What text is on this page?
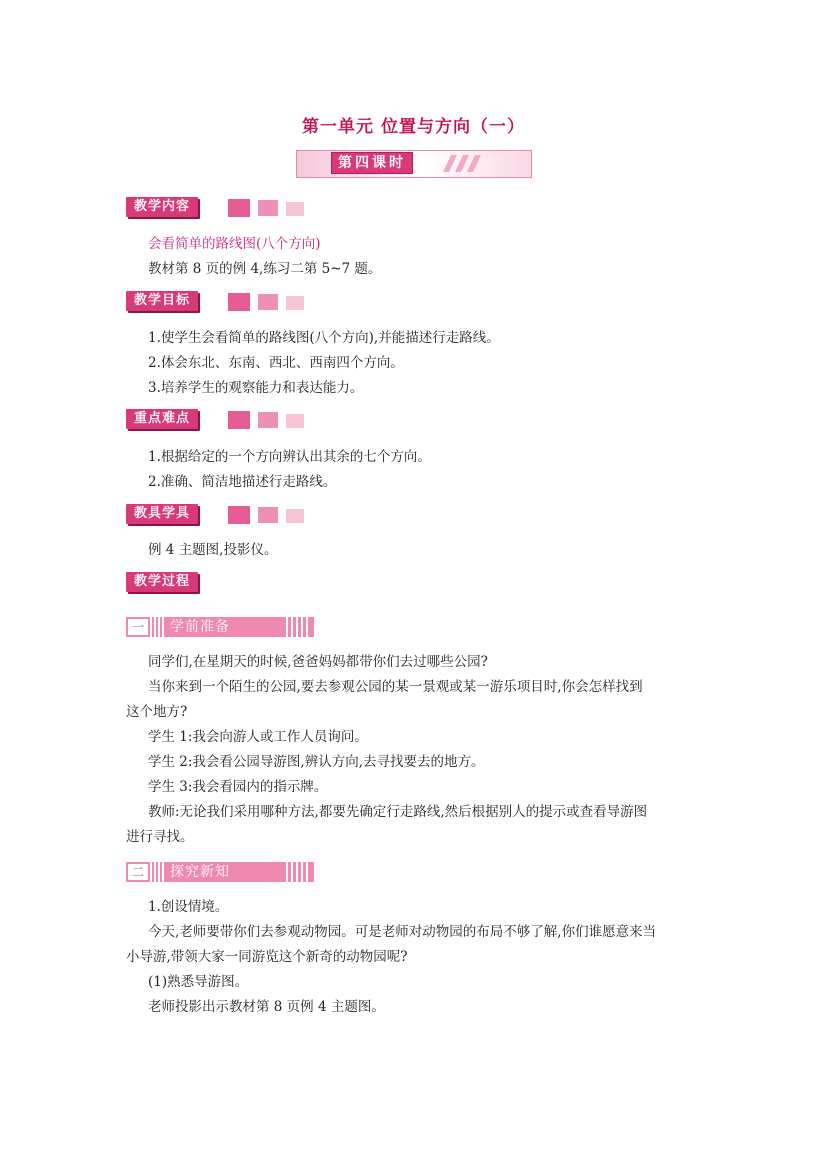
第一单元 位置与方向（一）
第四课时
教学内容
会看简单的路线图(八个方向)
教材第 8 页的例 4,练习二第 5~7 题。
教学目标
1.使学生会看简单的路线图(八个方向),并能描述行走路线。
2.体会东北、东南、西北、西南四个方向。
3.培养学生的观察能力和表达能力。
重点难点
1.根据给定的一个方向辨认出其余的七个方向。
2.准确、简洁地描述行走路线。
教具学具
例 4 主题图,投影仪。
教学过程
一 学前准备
同学们,在星期天的时候,爸爸妈妈都带你们去过哪些公园?
当你来到一个陌生的公园,要去参观公园的某一景观或某一游乐项目时,你会怎样找到
这个地方?
学生 1:我会向游人或工作人员询问。
学生 2:我会看公园导游图,辨认方向,去寻找要去的地方。
学生 3:我会看园内的指示牌。
教师:无论我们采用哪种方法,都要先确定行走路线,然后根据别人的提示或查看导游图
进行寻找。
二 探究新知
1.创设情境。
今天,老师要带你们去参观动物园。可是老师对动物园的布局不够了解,你们谁愿意来当
小导游,带领大家一同游览这个新奇的动物园呢?
(1)熟悉导游图。
老师投影出示教材第 8 页例 4 主题图。
